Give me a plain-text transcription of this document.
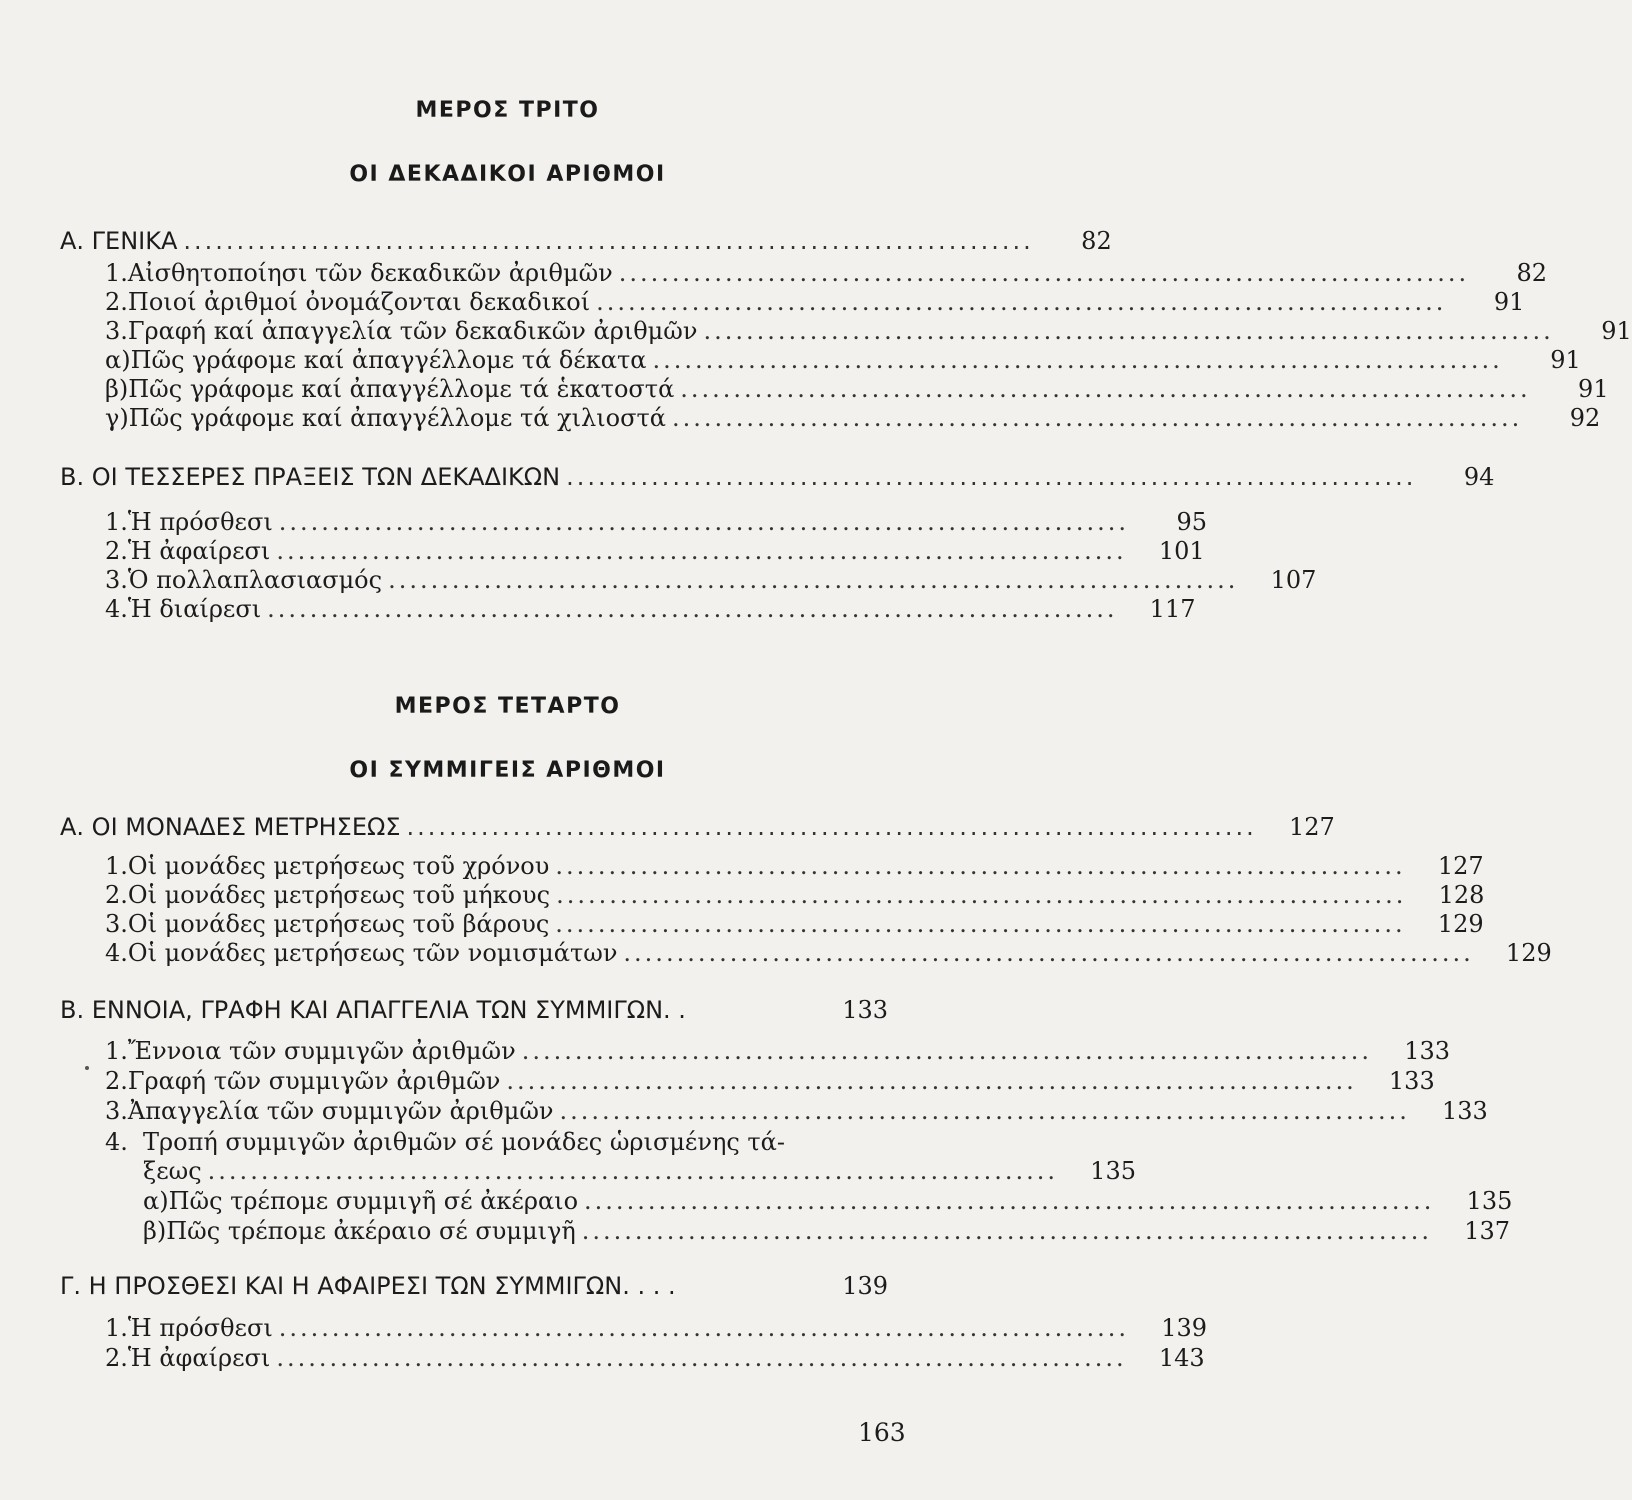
ΜΕΡΟΣ ΤΡΙΤΟ
ΟΙ ΔΕΚΑΔΙΚΟΙ ΑΡΙΘΜΟΙ
Α. ΓΕΝΙΚΑ ................................................................................	82
1. Αἰσθητοποίησι τῶν δεκαδικῶν ἀριθμῶν ................................................................................	82
2. Ποιοί ἀριθμοί ὀνομάζονται δεκαδικοί ................................................................................	91
3. Γραφή καί ἀπαγγελία τῶν δεκαδικῶν ἀριθμῶν ................................................................................	91
α) Πῶς γράφομε καί ἀπαγγέλλομε τά δέκατα ................................................................................	91
β) Πῶς γράφομε καί ἀπαγγέλλομε τά ἑκατοστά ................................................................................	91
γ) Πῶς γράφομε καί ἀπαγγέλλομε τά χιλιοστά ................................................................................	92
Β. ΟΙ ΤΕΣΣΕΡΕΣ ΠΡΑΞΕΙΣ ΤΩΝ ΔΕΚΑΔΙΚΩΝ ................................................................................	94
1. Ἡ πρόσθεσι ................................................................................	95
2. Ἡ ἀφαίρεσι ................................................................................	101
3. Ὁ πολλαπλασιασμός ................................................................................	107
4. Ἡ διαίρεσι ................................................................................	117
ΜΕΡΟΣ ΤΕΤΑΡΤΟ
ΟΙ ΣΥΜΜΙΓΕΙΣ ΑΡΙΘΜΟΙ
Α. ΟΙ ΜΟΝΑΔΕΣ ΜΕΤΡΗΣΕΩΣ ................................................................................	127
1. Οἱ μονάδες μετρήσεως τοῦ χρόνου ................................................................................	127
2. Οἱ μονάδες μετρήσεως τοῦ μήκους ................................................................................	128
3. Οἱ μονάδες μετρήσεως τοῦ βάρους ................................................................................	129
4. Οἱ μονάδες μετρήσεως τῶν νομισμάτων ................................................................................	129
Β. ΕΝΝΟΙΑ, ΓΡΑΦΗ ΚΑΙ ΑΠΑΓΓΕΛΙΑ ΤΩΝ ΣΥΜΜΙΓΩΝ. .	133
1. Ἔννοια τῶν συμμιγῶν ἀριθμῶν ................................................................................	133
2. Γραφή τῶν συμμιγῶν ἀριθμῶν ................................................................................	133
3. Ἀπαγγελία τῶν συμμιγῶν ἀριθμῶν ................................................................................	133
4. Τροπή συμμιγῶν ἀριθμῶν σέ μονάδες ὡρισμένης τά-
ξεως ................................................................................	135
α) Πῶς τρέπομε συμμιγῆ σέ ἀκέραιο ................................................................................	135
β) Πῶς τρέπομε ἀκέραιο σέ συμμιγῆ ................................................................................	137
Γ. Η ΠΡΟΣΘΕΣΙ ΚΑΙ Η ΑΦΑΙΡΕΣΙ ΤΩΝ ΣΥΜΜΙΓΩΝ. . . .	139
1. Ἡ πρόσθεσι ................................................................................	139
2. Ἡ ἀφαίρεσι ................................................................................	143
163
